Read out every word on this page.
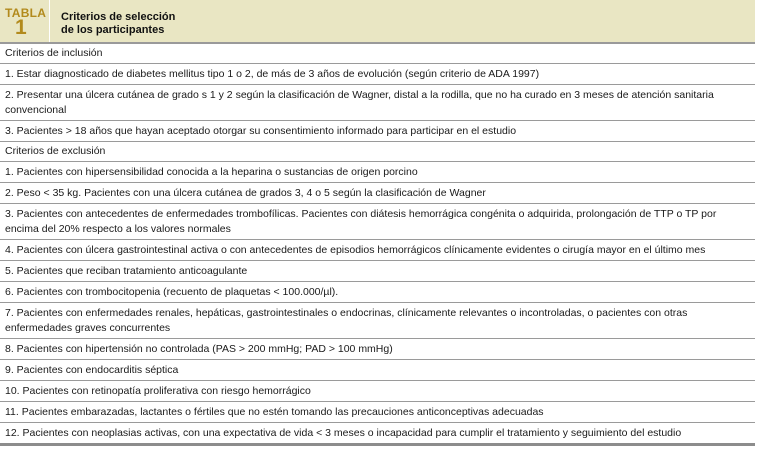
TABLA
1	Criterios de selección
de los participantes
Criterios de inclusión
1. Estar diagnosticado de diabetes mellitus tipo 1 o 2, de más de 3 años de evolución (según criterio de ADA 1997)
2. Presentar una úlcera cutánea de grado s 1 y 2 según la clasificación de Wagner, distal a la rodilla, que no ha curado en 3 meses de atención sanitaria convencional
3. Pacientes > 18 años que hayan aceptado otorgar su consentimiento informado para participar en el estudio
Criterios de exclusión
1. Pacientes con hipersensibilidad conocida a la heparina o sustancias de origen porcino
2. Peso < 35 kg. Pacientes con una úlcera cutánea de grados 3, 4 o 5 según la clasificación de Wagner
3. Pacientes con antecedentes de enfermedades trombofílicas. Pacientes con diátesis hemorrágica congénita o adquirida, prolongación de TTP o TP por encima del 20% respecto a los valores normales
4. Pacientes con úlcera gastrointestinal activa o con antecedentes de episodios hemorrágicos clínicamente evidentes o cirugía mayor en el último mes
5. Pacientes que reciban tratamiento anticoagulante
6. Pacientes con trombocitopenia (recuento de plaquetas < 100.000/µl).
7. Pacientes con enfermedades renales, hepáticas, gastrointestinales o endocrinas, clínicamente relevantes o incontroladas, o pacientes con otras enfermedades graves concurrentes
8. Pacientes con hipertensión no controlada (PAS > 200 mmHg; PAD > 100 mmHg)
9. Pacientes con endocarditis séptica
10. Pacientes con retinopatía proliferativa con riesgo hemorrágico
11. Pacientes embarazadas, lactantes o fértiles que no estén tomando las precauciones anticonceptivas adecuadas
12. Pacientes con neoplasias activas, con una expectativa de vida < 3 meses o incapacidad para cumplir el tratamiento y seguimiento del estudio
